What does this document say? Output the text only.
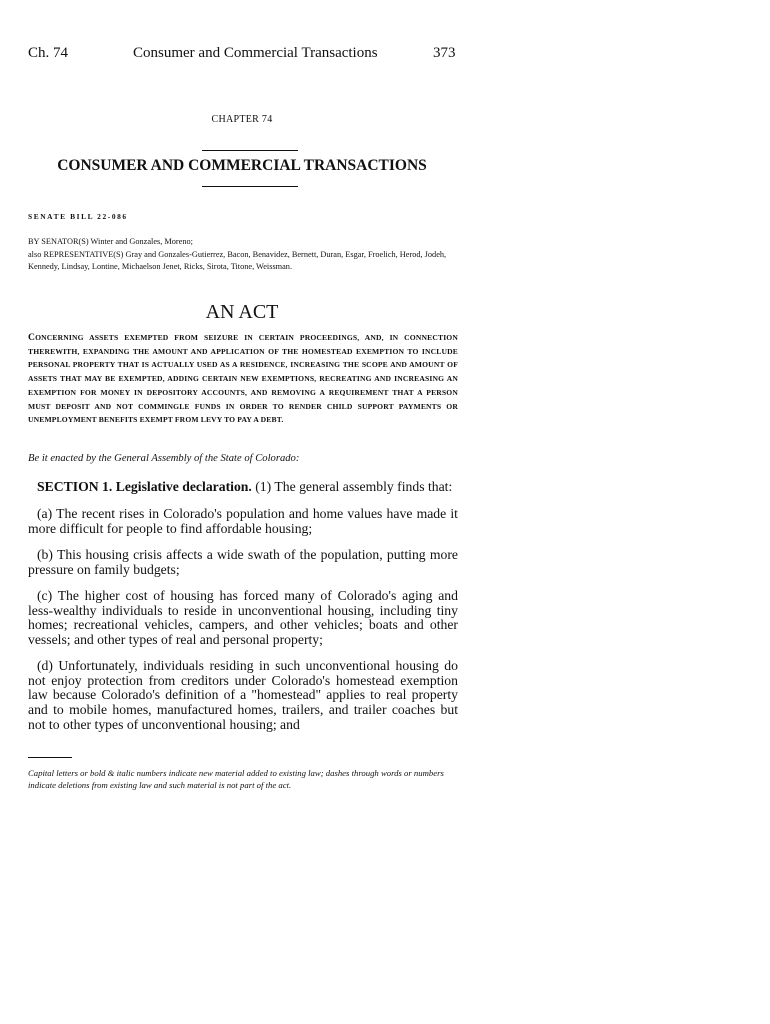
Ch. 74	Consumer and Commercial Transactions	373
CHAPTER 74
CONSUMER AND COMMERCIAL TRANSACTIONS
SENATE BILL 22-086
BY SENATOR(S) Winter and Gonzales, Moreno;
also REPRESENTATIVE(S) Gray and Gonzales-Gutierrez, Bacon, Benavidez, Bernett, Duran, Esgar, Froelich, Herod, Jodeh,
Kennedy, Lindsay, Lontine, Michaelson Jenet, Ricks, Sirota, Titone, Weissman.
AN ACT
CONCERNING ASSETS EXEMPTED FROM SEIZURE IN CERTAIN PROCEEDINGS, AND, IN CONNECTION THEREWITH, EXPANDING THE AMOUNT AND APPLICATION OF THE HOMESTEAD EXEMPTION TO INCLUDE PERSONAL PROPERTY THAT IS ACTUALLY USED AS A RESIDENCE, INCREASING THE SCOPE AND AMOUNT OF ASSETS THAT MAY BE EXEMPTED, ADDING CERTAIN NEW EXEMPTIONS, RECREATING AND INCREASING AN EXEMPTION FOR MONEY IN DEPOSITORY ACCOUNTS, AND REMOVING A REQUIREMENT THAT A PERSON MUST DEPOSIT AND NOT COMMINGLE FUNDS IN ORDER TO RENDER CHILD SUPPORT PAYMENTS OR UNEMPLOYMENT BENEFITS EXEMPT FROM LEVY TO PAY A DEBT.
Be it enacted by the General Assembly of the State of Colorado:
SECTION 1. Legislative declaration. (1) The general assembly finds that:
(a) The recent rises in Colorado's population and home values have made it more difficult for people to find affordable housing;
(b) This housing crisis affects a wide swath of the population, putting more pressure on family budgets;
(c) The higher cost of housing has forced many of Colorado's aging and less-wealthy individuals to reside in unconventional housing, including tiny homes; recreational vehicles, campers, and other vehicles; boats and other vessels; and other types of real and personal property;
(d) Unfortunately, individuals residing in such unconventional housing do not enjoy protection from creditors under Colorado's homestead exemption law because Colorado's definition of a "homestead" applies to real property and to mobile homes, manufactured homes, trailers, and trailer coaches but not to other types of unconventional housing; and
Capital letters or bold & italic numbers indicate new material added to existing law; dashes through words or numbers indicate deletions from existing law and such material is not part of the act.
